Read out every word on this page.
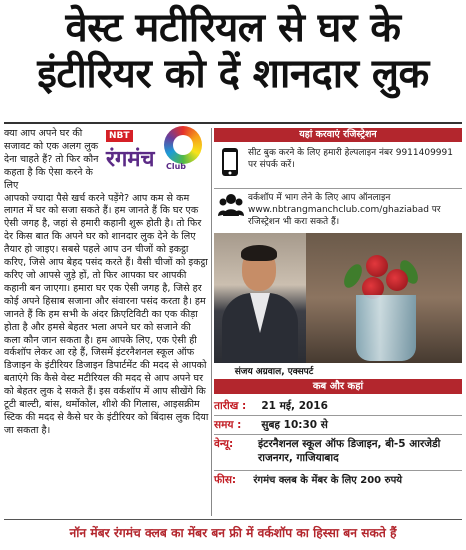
वेस्ट मटीरियल से घर के
इंटीरियर को दें शानदार लुक
क्या आप अपने घर की सजावट को एक अलग लुक देना चाहते हैं? तो फिर कौन कहता है कि ऐसा करने के लिए
आपको ज्यादा पैसे खर्च करने पड़ेंगे? आप कम से कम लागत में घर को सजा सकते हैं। हम जानते हैं कि घर एक ऐसी जगह है, जहां से हमारी कहानी शुरू होती है। तो फिर देर किस बात कि अपने घर को शानदार लुक देने के लिए तैयार हो जाइए। सबसे पहले आप उन चीजों को इकट्ठा करिए, जिसे आप बेहद पसंद करते हैं। वैसी चीजों को इकट्ठा करिए जो आपसे जुड़े हों, तो फिर आपका घर आपकी कहानी बन जाएगा। हमारा घर एक ऐसी जगह है, जिसे हर कोई अपने हिसाब सजाना और संवारना पसंद करता है। हम जानते हैं कि हम सभी के अंदर क्रिएटिविटी का एक कीड़ा होता है और हमसे बेहतर भला अपने घर को सजाने की कला कौन जान सकता है। हम आपके लिए, एक ऐसी ही वर्कशॉप लेकर आ रहे हैं, जिसमें इंटरनैशनल स्कूल ऑफ डिजाइन के इंटीरियर डिजाइन डिपार्टमेंट की मदद से आपको बताएंगे कि कैसे वेस्ट मटीरियल की मदद से आप अपने घर को बेहतर लुक दे सकते हैं। इस वर्कशॉप में आप सीखेंगे कि टूटी बाल्टी, बांस, थर्मोकोल, शीशे की गिलास, आइसक्रीम स्टिक की मदद से कैसे घर के इंटीरियर को बिंदास लुक दिया जा सकता है।
NBT
रंगमंच Club
यहां करवाएं रजिस्ट्रेशन
सीट बुक करने के लिए हमारी हेल्पलाइन नंबर 9911409991 पर संपर्क करें।
वर्कशॉप में भाग लेने के लिए आप ऑनलाइन www.nbtrangmanchclub.com/ghaziabad पर रजिस्ट्रेशन भी करा सकते हैं।
संजय अग्रवाल, एक्सपर्ट
कब और कहां
तारीख : 21 मई, 2016
समय : सुबह 10:30 से
वेन्यू:	इंटरनैशनल स्कूल ऑफ डिजाइन, बी-5 आरजेडी राजनगर, गाजियाबाद
फीस: रंगमंच क्लब के मेंबर के लिए 200 रुपये
नॉन मेंबर रंगमंच क्लब का मेंबर बन फ्री में वर्कशॉप का हिस्सा बन सकते हैं
